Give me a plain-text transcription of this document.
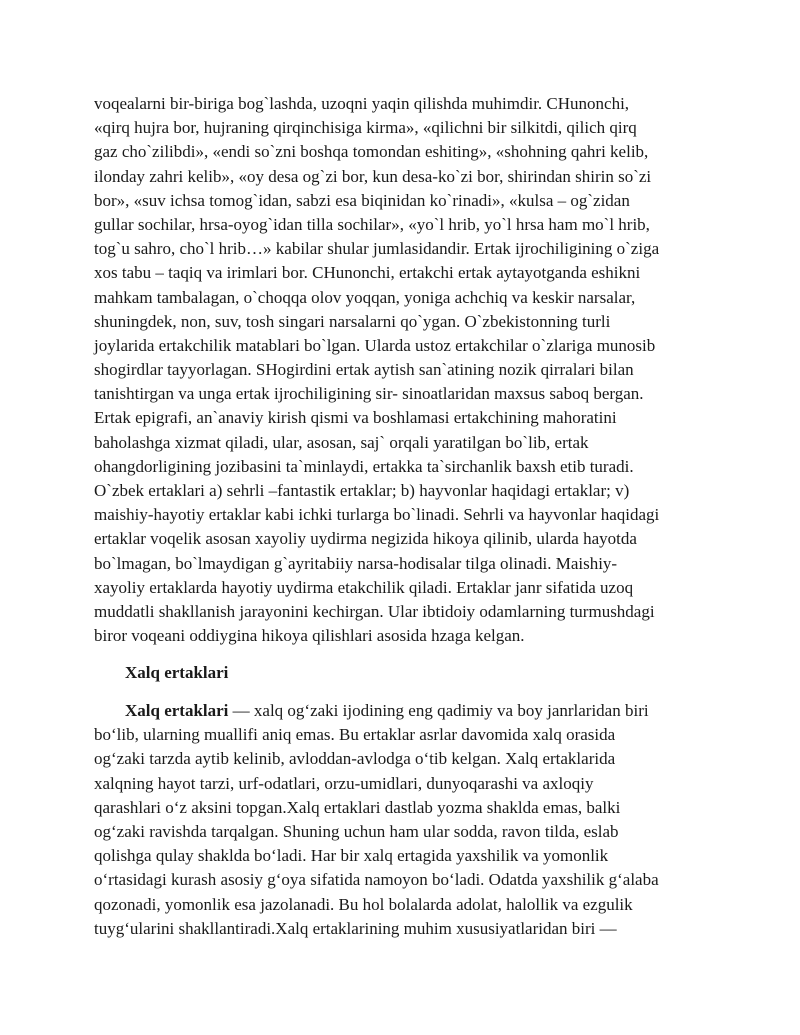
voqealarni bir-biriga bog`lashda, uzoqni yaqin qilishda muhimdir. CHunonchi,
«qirq hujra bor, hujraning qirqinchisiga kirma», «qilichni bir silkitdi, qilich qirq
gaz cho`zilibdi», «endi so`zni boshqa tomondan eshiting», «shohning qahri kelib,
ilonday zahri kelib», «oy desa og`zi bor, kun desa-ko`zi bor, shirindan shirin so`zi
bor», «suv ichsa tomog`idan, sabzi esa biqinidan ko`rinadi», «kulsa – og`zidan
gullar sochilar, hrsa-oyog`idan tilla sochilar», «yo`l hrib, yo`l hrsa ham mo`l hrib,
tog`u sahro, cho`l hrib…» kabilar shular jumlasidandir. Ertak ijrochiligining o`ziga
xos tabu – taqiq va irimlari bor. CHunonchi, ertakchi ertak aytayotganda eshikni
mahkam tambalagan, o`choqqa olov yoqqan, yoniga achchiq va keskir narsalar,
shuningdek, non, suv, tosh singari narsalarni qo`ygan. O`zbekistonning turli
joylarida ertakchilik matablari bo`lgan. Ularda ustoz ertakchilar o`zlariga munosib
shogirdlar tayyorlagan. SHogirdini ertak aytish san`atining nozik qirralari bilan
tanishtirgan va unga ertak ijrochiligining sir- sinoatlaridan maxsus saboq bergan.
Ertak epigrafi, an`anaviy kirish qismi va boshlamasi ertakchining mahoratini
baholashga xizmat qiladi, ular, asosan, saj` orqali yaratilgan bo`lib, ertak
ohangdorligining jozibasini ta`minlaydi, ertakka ta`sirchanlik baxsh etib turadi.
O`zbek ertaklari a) sehrli –fantastik ertaklar; b) hayvonlar haqidagi ertaklar; v)
maishiy-hayotiy ertaklar kabi ichki turlarga bo`linadi. Sehrli va hayvonlar haqidagi
ertaklar voqelik asosan xayoliy uydirma negizida hikoya qilinib, ularda hayotda
bo`lmagan, bo`lmaydigan g`ayritabiiy narsa-hodisalar tilga olinadi. Maishiy-
xayoliy ertaklarda hayotiy uydirma etakchilik qiladi. Ertaklar janr sifatida uzoq
muddatli shakllanish jarayonini kechirgan. Ular ibtidoiy odamlarning turmushdagi
biror voqeani oddiygina hikoya qilishlari asosida hzaga kelgan.
Xalq ertaklari
Xalq ertaklari — xalq og‘zaki ijodining eng qadimiy va boy janrlaridan biri
bo‘lib, ularning muallifi aniq emas. Bu ertaklar asrlar davomida xalq orasida
og‘zaki tarzda aytib kelinib, avloddan-avlodga o‘tib kelgan. Xalq ertaklarida
xalqning hayot tarzi, urf-odatlari, orzu-umidlari, dunyoqarashi va axloqiy
qarashlari o‘z aksini topgan.Xalq ertaklari dastlab yozma shaklda emas, balki
og‘zaki ravishda tarqalgan. Shuning uchun ham ular sodda, ravon tilda, eslab
qolishga qulay shaklda bo‘ladi. Har bir xalq ertagida yaxshilik va yomonlik
o‘rtasidagi kurash asosiy g‘oya sifatida namoyon bo‘ladi. Odatda yaxshilik g‘alaba
qozonadi, yomonlik esa jazolanadi. Bu hol bolalarda adolat, halollik va ezgulik
tuyg‘ularini shakllantiradi.Xalq ertaklarining muhim xususiyatlaridan biri —
